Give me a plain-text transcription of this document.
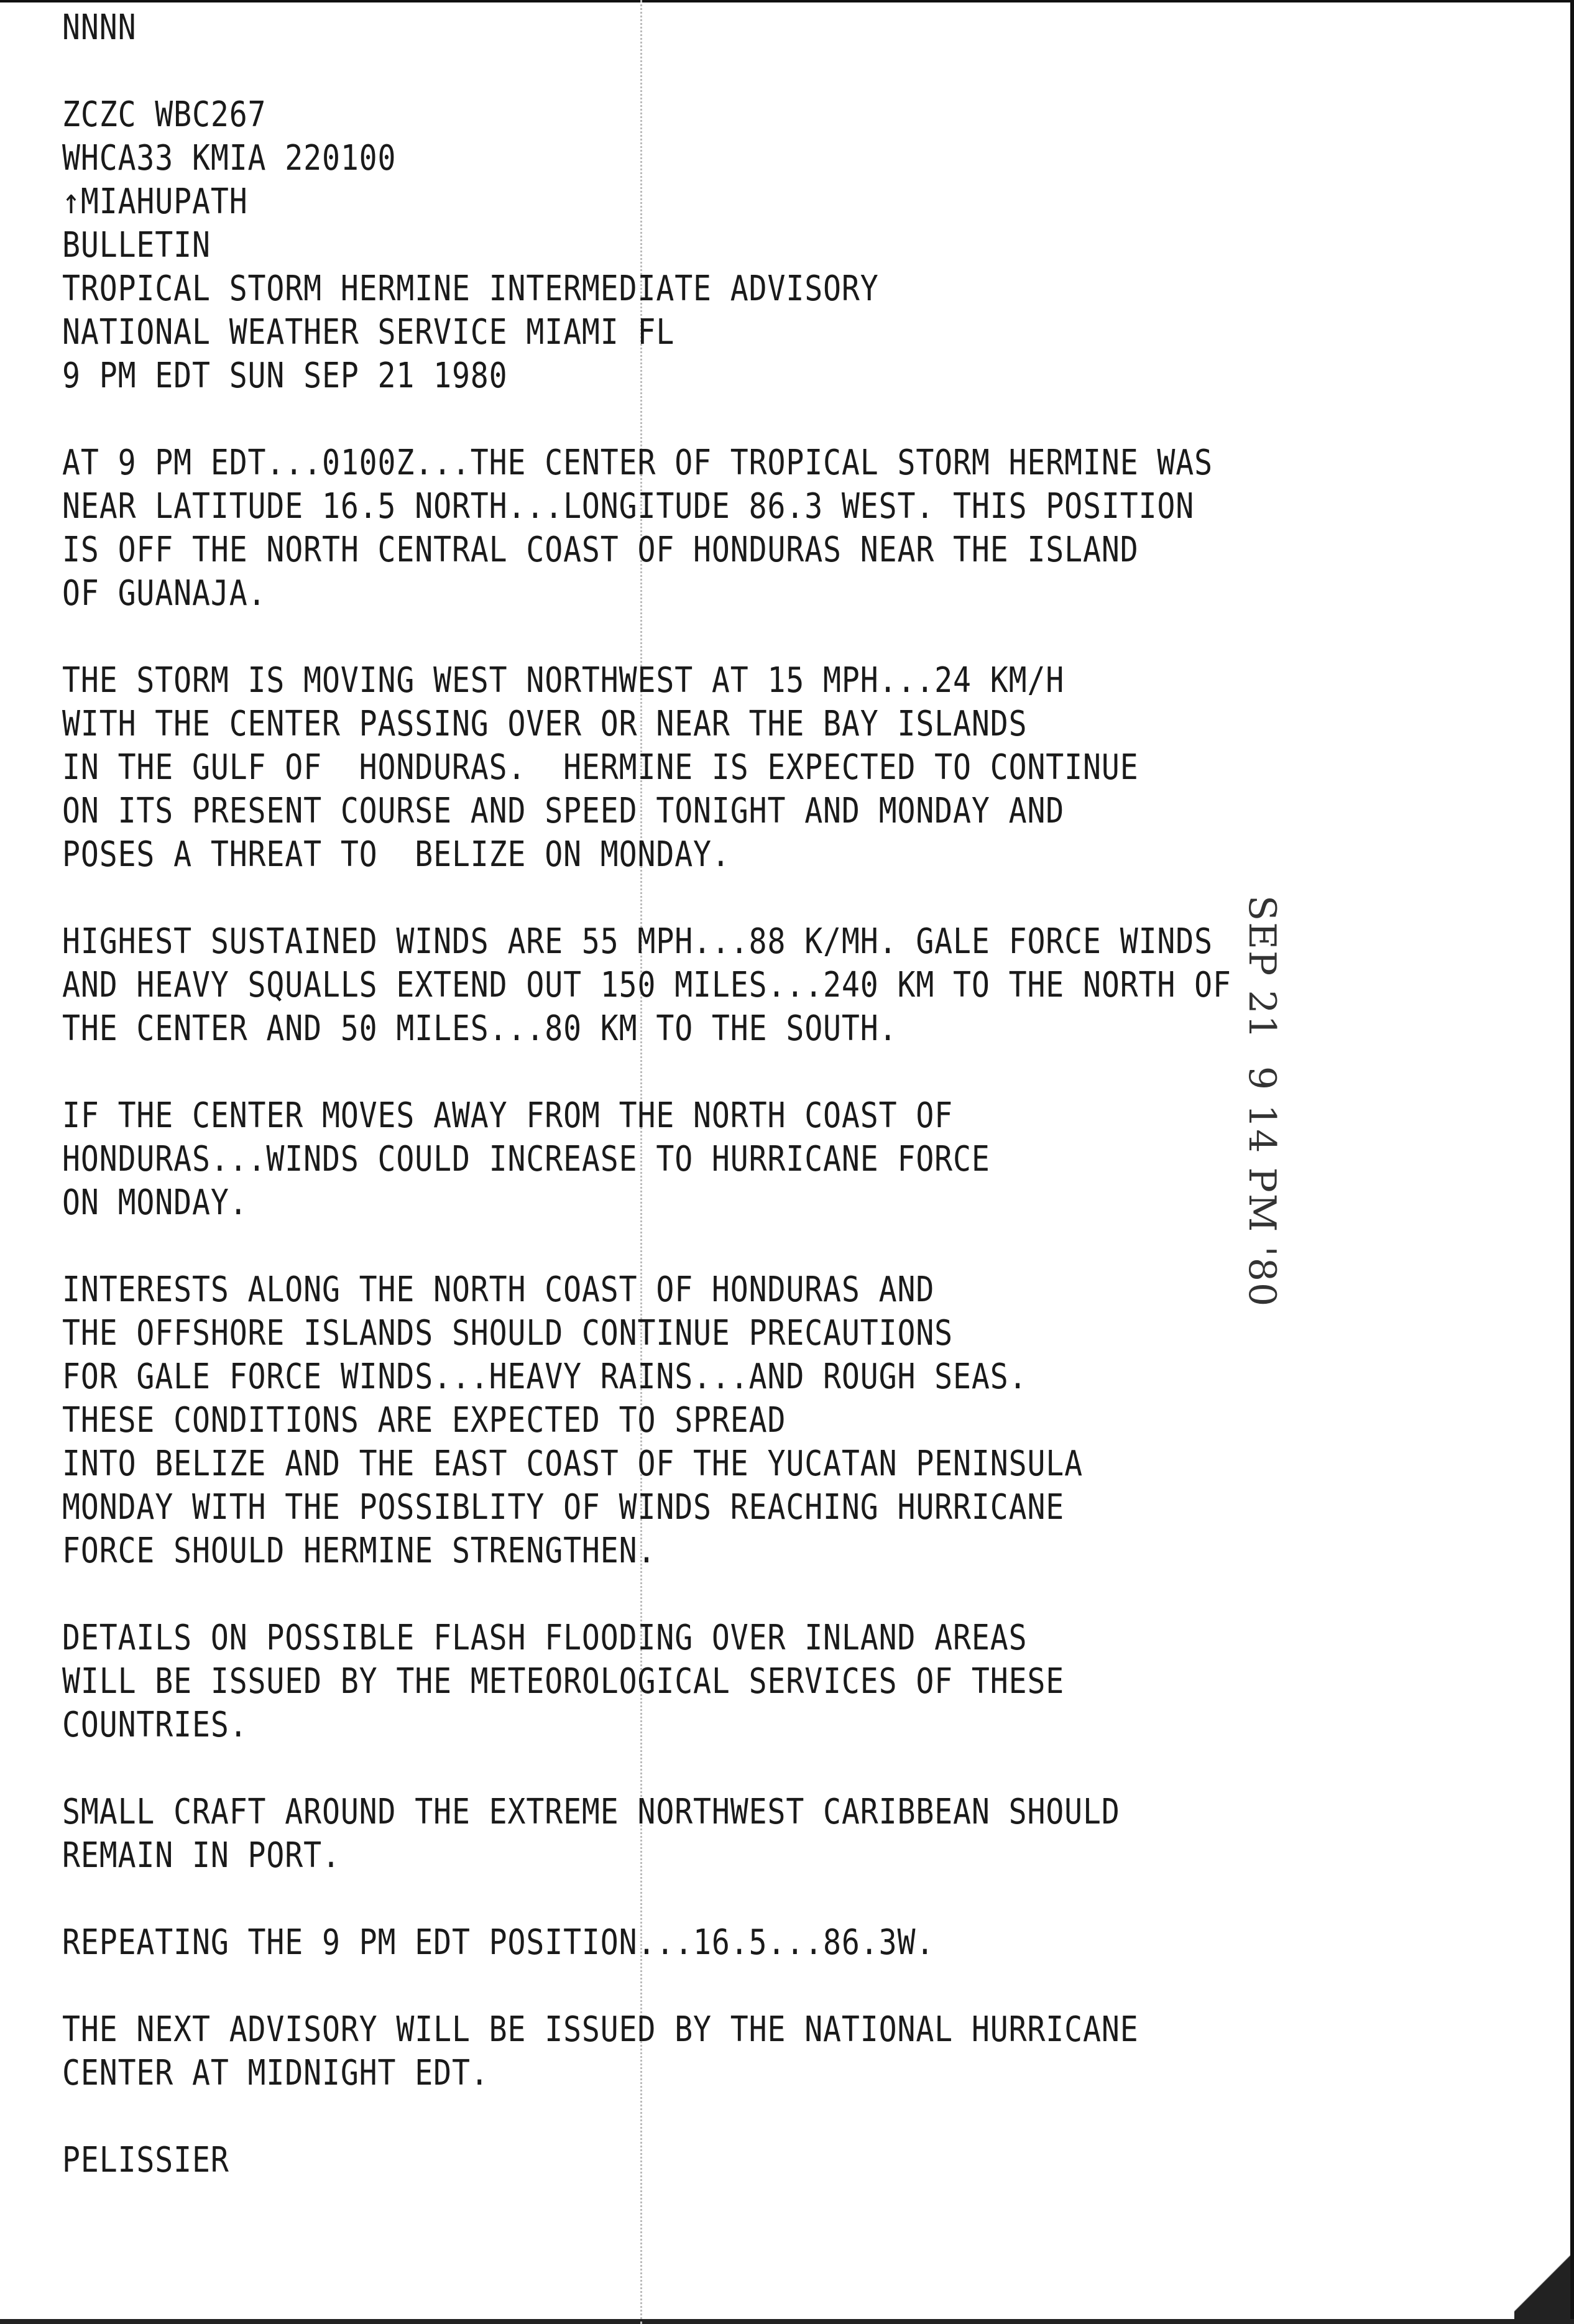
NNNN
ZCZC WBC267
WHCA33 KMIA 220100
↑MIAHUPATH
BULLETIN
TROPICAL STORM HERMINE INTERMEDIATE ADVISORY
NATIONAL WEATHER SERVICE MIAMI FL
9 PM EDT SUN SEP 21 1980
AT 9 PM EDT...0100Z...THE CENTER OF TROPICAL STORM HERMINE WAS
NEAR LATITUDE 16.5 NORTH...LONGITUDE 86.3 WEST. THIS POSITION
IS OFF THE NORTH CENTRAL COAST OF HONDURAS NEAR THE ISLAND
OF GUANAJA.
THE STORM IS MOVING WEST NORTHWEST AT 15 MPH...24 KM/H
WITH THE CENTER PASSING OVER OR NEAR THE BAY ISLANDS
IN THE GULF OF  HONDURAS.  HERMINE IS EXPECTED TO CONTINUE
ON ITS PRESENT COURSE AND SPEED TONIGHT AND MONDAY AND
POSES A THREAT TO  BELIZE ON MONDAY.
HIGHEST SUSTAINED WINDS ARE 55 MPH...88 K/MH. GALE FORCE WINDS
AND HEAVY SQUALLS EXTEND OUT 150 MILES...240 KM TO THE NORTH OF
THE CENTER AND 50 MILES...80 KM TO THE SOUTH.
IF THE CENTER MOVES AWAY FROM THE NORTH COAST OF
HONDURAS...WINDS COULD INCREASE TO HURRICANE FORCE
ON MONDAY.
INTERESTS ALONG THE NORTH COAST OF HONDURAS AND
THE OFFSHORE ISLANDS SHOULD CONTINUE PRECAUTIONS
FOR GALE FORCE WINDS...HEAVY RAINS...AND ROUGH SEAS.
THESE CONDITIONS ARE EXPECTED TO SPREAD
INTO BELIZE AND THE EAST COAST OF THE YUCATAN PENINSULA
MONDAY WITH THE POSSIBLITY OF WINDS REACHING HURRICANE
FORCE SHOULD HERMINE STRENGTHEN.
DETAILS ON POSSIBLE FLASH FLOODING OVER INLAND AREAS
WILL BE ISSUED BY THE METEOROLOGICAL SERVICES OF THESE
COUNTRIES.
SMALL CRAFT AROUND THE EXTREME NORTHWEST CARIBBEAN SHOULD
REMAIN IN PORT.
REPEATING THE 9 PM EDT POSITION...16.5...86.3W.
THE NEXT ADVISORY WILL BE ISSUED BY THE NATIONAL HURRICANE
CENTER AT MIDNIGHT EDT.
PELISSIER
SEP 21  9 14 PM '80
